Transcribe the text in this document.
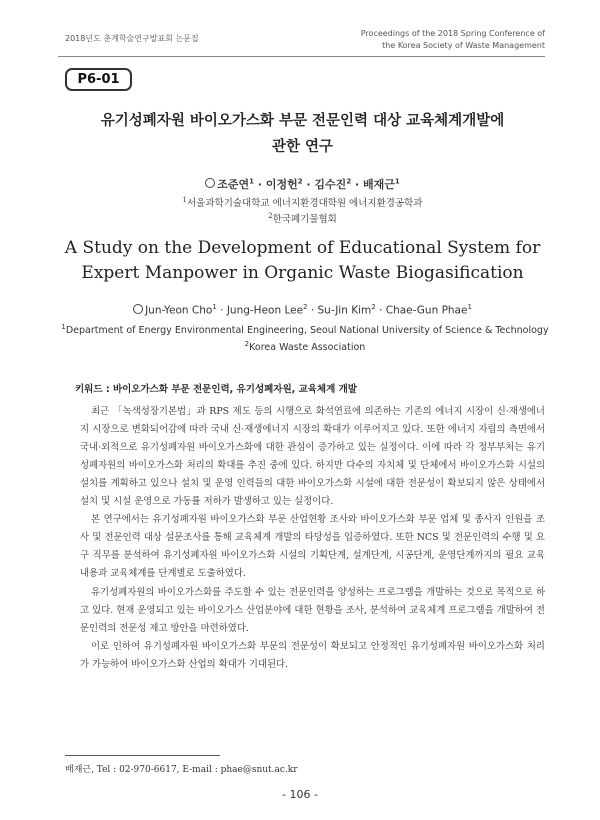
2018년도 춘계학술연구발표회 논문집
Proceedings of the 2018 Spring Conference of
the Korea Society of Waste Management
P6-01
유기성폐자원 바이오가스화 부문 전문인력 대상 교육체계개발에
관한 연구
조준연$^1$ · 이정헌$^2$ · 김수진$^2$ · 배재근$^1$
$^1$서울과학기술대학교 에너지환경대학원 에너지환경공학과
$^2$한국폐기물협회
A Study on the Development of Educational System for
Expert Manpower in Organic Waste Biogasification
Jun-Yeon Cho$^1$ · Jung-Heon Lee$^2$ · Su-Jin Kim$^2$ · Chae-Gun Phae$^1$
$^1$Department of Energy Environmental Engineering, Seoul National University of Science & Technology
$^2$Korea Waste Association
키워드 : 바이오가스화 부문 전문인력, 유기성폐자원, 교육체계 개발

최근 「녹색성장기본법」과 RPS 제도 등의 시행으로 화석연료에 의존하는 기존의 에너지 시장이 신·재생에너지 시장으로 변화되어감에 따라 국내 신·재생에너지 시장의 확대가 이루어지고 있다. 또한 에너지 자립의 측면에서 국내·외적으로 유기성폐자원 바이오가스화에 대한 관심이 증가하고 있는 실정이다. 이에 따라 각 정부부처는 유기성폐자원의 바이오가스화 처리의 확대를 추진 중에 있다. 하지만 다수의 자치체 및 단체에서 바이오가스화 시설의 설치를 계획하고 있으나 설치 및 운영 인력들의 대한 바이오가스화 시설에 대한 전문성이 확보되지 않은 상태에서 설치 및 시설 운영으로 가동률 저하가 발생하고 있는 실정이다.

본 연구에서는 유기성폐자원 바이오가스화 부문 산업현황 조사와 바이오가스화 부문 업체 및 종사자 인원을 조사 및 전문인력 대상 설문조사를 통해 교육체계 개발의 타당성을 입증하였다. 또한 NCS 및 전문인력의 수행 및 요구 직무를 분석하여 유기성폐자원 바이오가스화 시설의 기획단계, 설계단계, 시공단계, 운영단계까지의 필요 교육내용과 교육체계를 단계별로 도출하였다.

유기성폐자원의 바이오가스화를 주도할 수 있는 전문인력을 양성하는 프로그램을 개발하는 것으로 목적으로 하고 있다. 현재 운영되고 있는 바이오가스 산업분야에 대한 현황을 조사, 분석하여 교육체계 프로그램을 개발하여 전문인력의 전문성 제고 방안을 마련하였다.

이로 인하여 유기성폐자원 바이오가스화 부문의 전문성이 확보되고 안정적인 유기성폐자원 바이오가스화 처리가 가능하여 바이오가스화 산업의 확대가 기대된다.

배재근, Tel : 02-970-6617, E-mail : phae@snut.ac.kr
- 106 -
